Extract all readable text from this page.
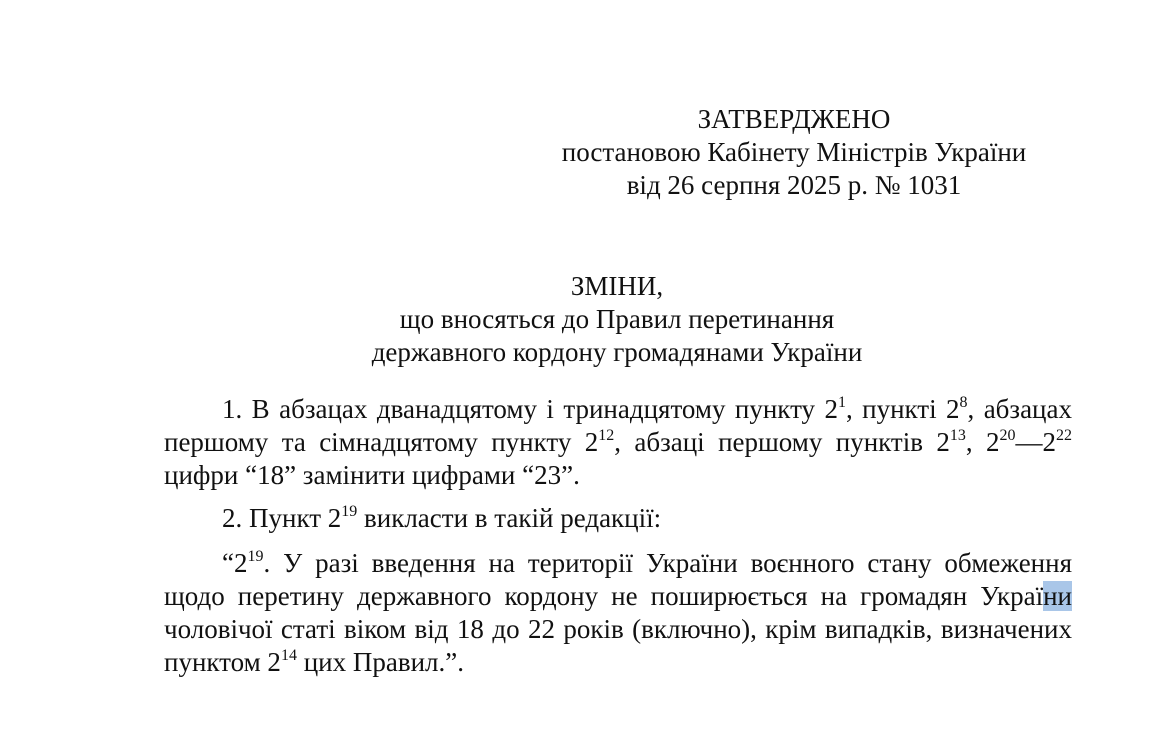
ЗАТВЕРДЖЕНО
постановою Кабінету Міністрів України
від 26 серпня 2025 р. № 1031
ЗМІНИ,
що вносяться до Правил перетинання
державного кордону громадянами України
1. В абзацах дванадцятому і тринадцятому пункту $2^1$, пункті $2^8$, абзацах першому та сімнадцятому пункту $2^{12}$, абзаці першому пунктів $2^{13}$, $2^{20}—2^{22}$ цифри “18” замінити цифрами “23”.
2. Пункт $2^{19}$ викласти в такій редакції:
“$2^{19}$. У разі введення на території України воєнного стану обмеження щодо перетину державного кордону не поширюється на громадян України чоловічої статі віком від 18 до 22 років (включно), крім випадків, визначених пунктом $2^{14}$ цих Правил.”.
